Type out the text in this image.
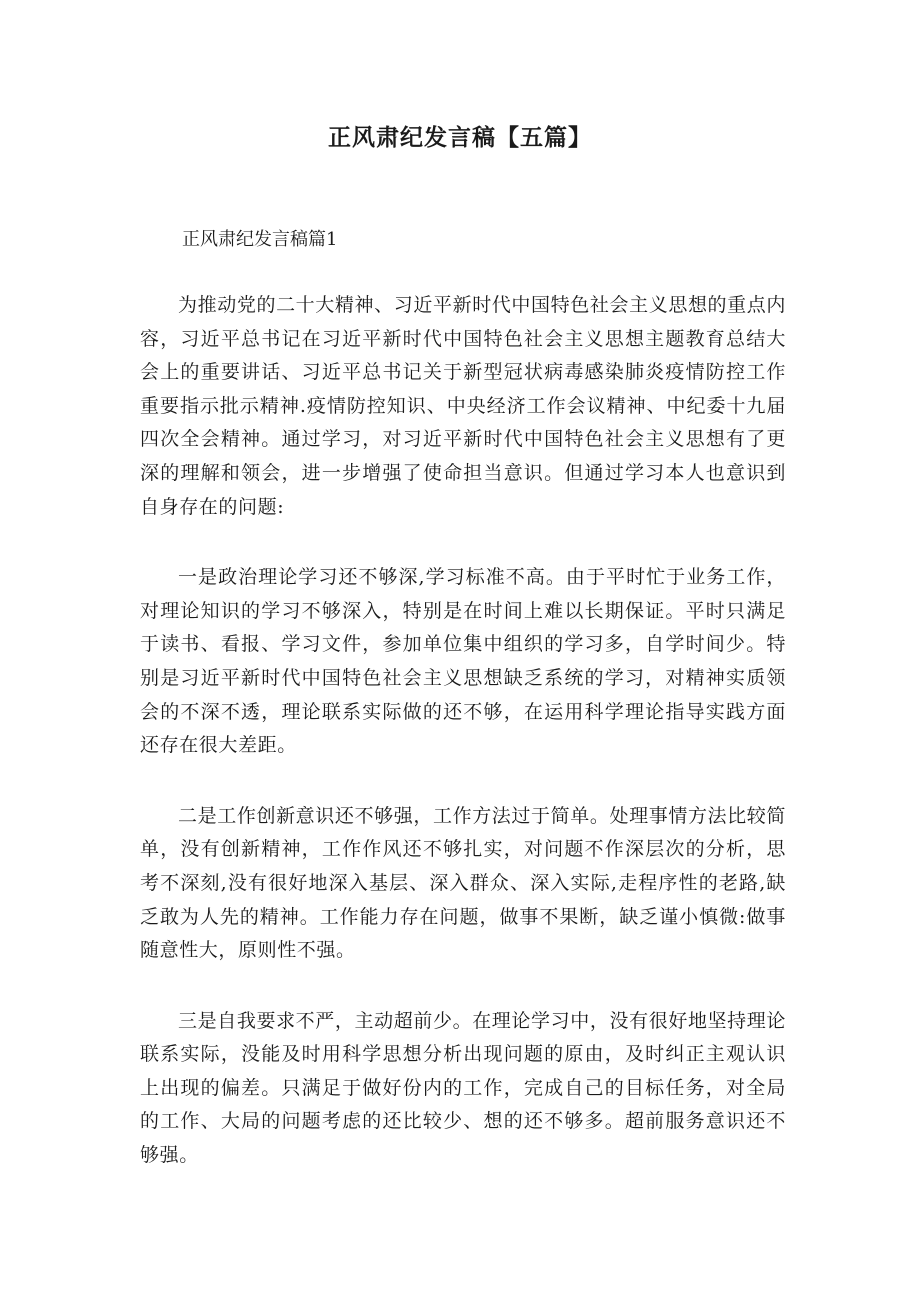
正风肃纪发言稿【五篇】

正风肃纪发言稿篇1

为推动党的二十大精神、习近平新时代中国特色社会主义思想的重点内容，习近平总书记在习近平新时代中国特色社会主义思想主题教育总结大会上的重要讲话、习近平总书记关于新型冠状病毒感染肺炎疫情防控工作重要指示批示精神.疫情防控知识、中央经济工作会议精神、中纪委十九届四次全会精神。通过学习，对习近平新时代中国特色社会主义思想有了更深的理解和领会，进一步增强了使命担当意识。但通过学习本人也意识到自身存在的问题:

一是政治理论学习还不够深,学习标准不高。由于平时忙于业务工作，对理论知识的学习不够深入，特别是在时间上难以长期保证。平时只满足于读书、看报、学习文件，参加单位集中组织的学习多，自学时间少。特别是习近平新时代中国特色社会主义思想缺乏系统的学习，对精神实质领会的不深不透，理论联系实际做的还不够，在运用科学理论指导实践方面还存在很大差距。

二是工作创新意识还不够强，工作方法过于简单。处理事情方法比较简单，没有创新精神，工作作风还不够扎实，对问题不作深层次的分析，思考不深刻,没有很好地深入基层、深入群众、深入实际,走程序性的老路,缺乏敢为人先的精神。工作能力存在问题，做事不果断，缺乏谨小慎微:做事随意性大，原则性不强。

三是自我要求不严，主动超前少。在理论学习中，没有很好地坚持理论联系实际，没能及时用科学思想分析出现问题的原由，及时纠正主观认识上出现的偏差。只满足于做好份内的工作，完成自己的目标任务，对全局的工作、大局的问题考虑的还比较少、想的还不够多。超前服务意识还不够强。
